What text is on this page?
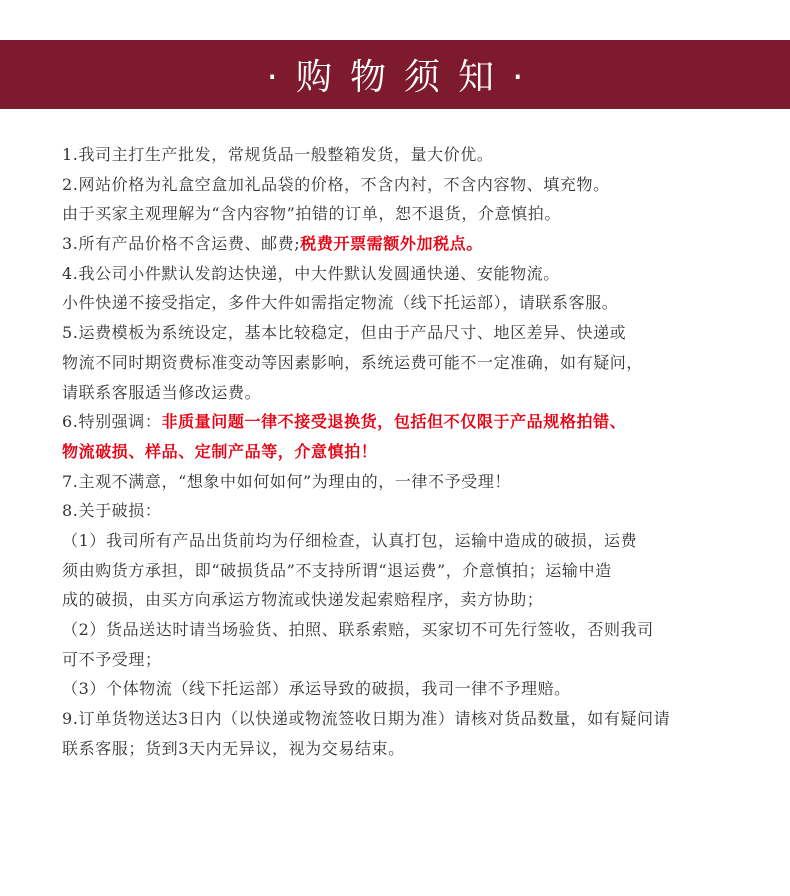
·购物须知·
1.我司主打生产批发，常规货品一般整箱发货，量大价优。
2.网站价格为礼盒空盒加礼品袋的价格，不含内衬，不含内容物、填充物。
由于买家主观理解为“含内容物”拍错的订单，恕不退货，介意慎拍。
3.所有产品价格不含运费、邮费;税费开票需额外加税点。
4.我公司小件默认发韵达快递，中大件默认发圆通快递、安能物流。
小件快递不接受指定，多件大件如需指定物流（线下托运部），请联系客服。
5.运费模板为系统设定，基本比较稳定，但由于产品尺寸、地区差异、快递或
物流不同时期资费标准变动等因素影响，系统运费可能不一定准确，如有疑问，
请联系客服适当修改运费。
6.特别强调：非质量问题一律不接受退换货，包括但不仅限于产品规格拍错、
物流破损、样品、定制产品等，介意慎拍！
7.主观不满意，“想象中如何如何”为理由的，一律不予受理！
8.关于破损：
（1）我司所有产品出货前均为仔细检查，认真打包，运输中造成的破损，运费
须由购货方承担，即“破损货品”不支持所谓“退运费”，介意慎拍；运输中造
成的破损，由买方向承运方物流或快递发起索赔程序，卖方协助；
（2）货品送达时请当场验货、拍照、联系索赔，买家切不可先行签收，否则我司
可不予受理；
（3）个体物流（线下托运部）承运导致的破损，我司一律不予理赔。
9.订单货物送达3日内（以快递或物流签收日期为准）请核对货品数量，如有疑问请
联系客服；货到3天内无异议，视为交易结束。
